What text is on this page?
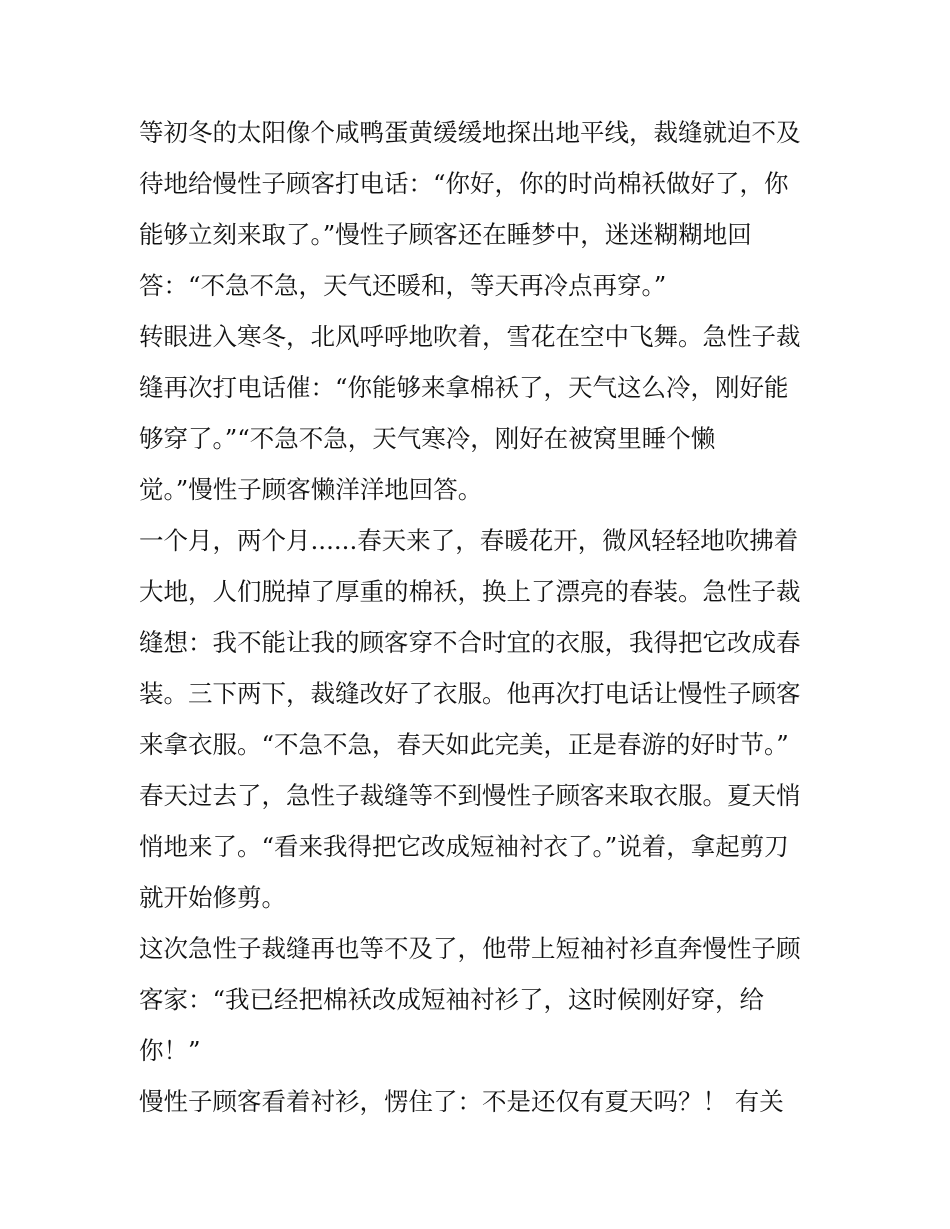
等初冬的太阳像个咸鸭蛋黄缓缓地探出地平线，裁缝就迫不及
待地给慢性子顾客打电话：“你好，你的时尚棉袄做好了，你
能够立刻来取了。”慢性子顾客还在睡梦中，迷迷糊糊地回
答：“不急不急，天气还暖和，等天再冷点再穿。”
转眼进入寒冬，北风呼呼地吹着，雪花在空中飞舞。急性子裁
缝再次打电话催：“你能够来拿棉袄了，天气这么冷，刚好能
够穿了。”“不急不急，天气寒冷，刚好在被窝里睡个懒
觉。”慢性子顾客懒洋洋地回答。
一个月，两个月......春天来了，春暖花开，微风轻轻地吹拂着
大地，人们脱掉了厚重的棉袄，换上了漂亮的春装。急性子裁
缝想：我不能让我的顾客穿不合时宜的衣服，我得把它改成春
装。三下两下，裁缝改好了衣服。他再次打电话让慢性子顾客
来拿衣服。“不急不急，春天如此完美，正是春游的好时节。”
春天过去了，急性子裁缝等不到慢性子顾客来取衣服。夏天悄
悄地来了。“看来我得把它改成短袖衬衣了。”说着，拿起剪刀
就开始修剪。
这次急性子裁缝再也等不及了，他带上短袖衬衫直奔慢性子顾
客家：“我已经把棉袄改成短袖衬衫了，这时候刚好穿，给
你！”
慢性子顾客看着衬衫，愣住了：不是还仅有夏天吗？！ 有关
